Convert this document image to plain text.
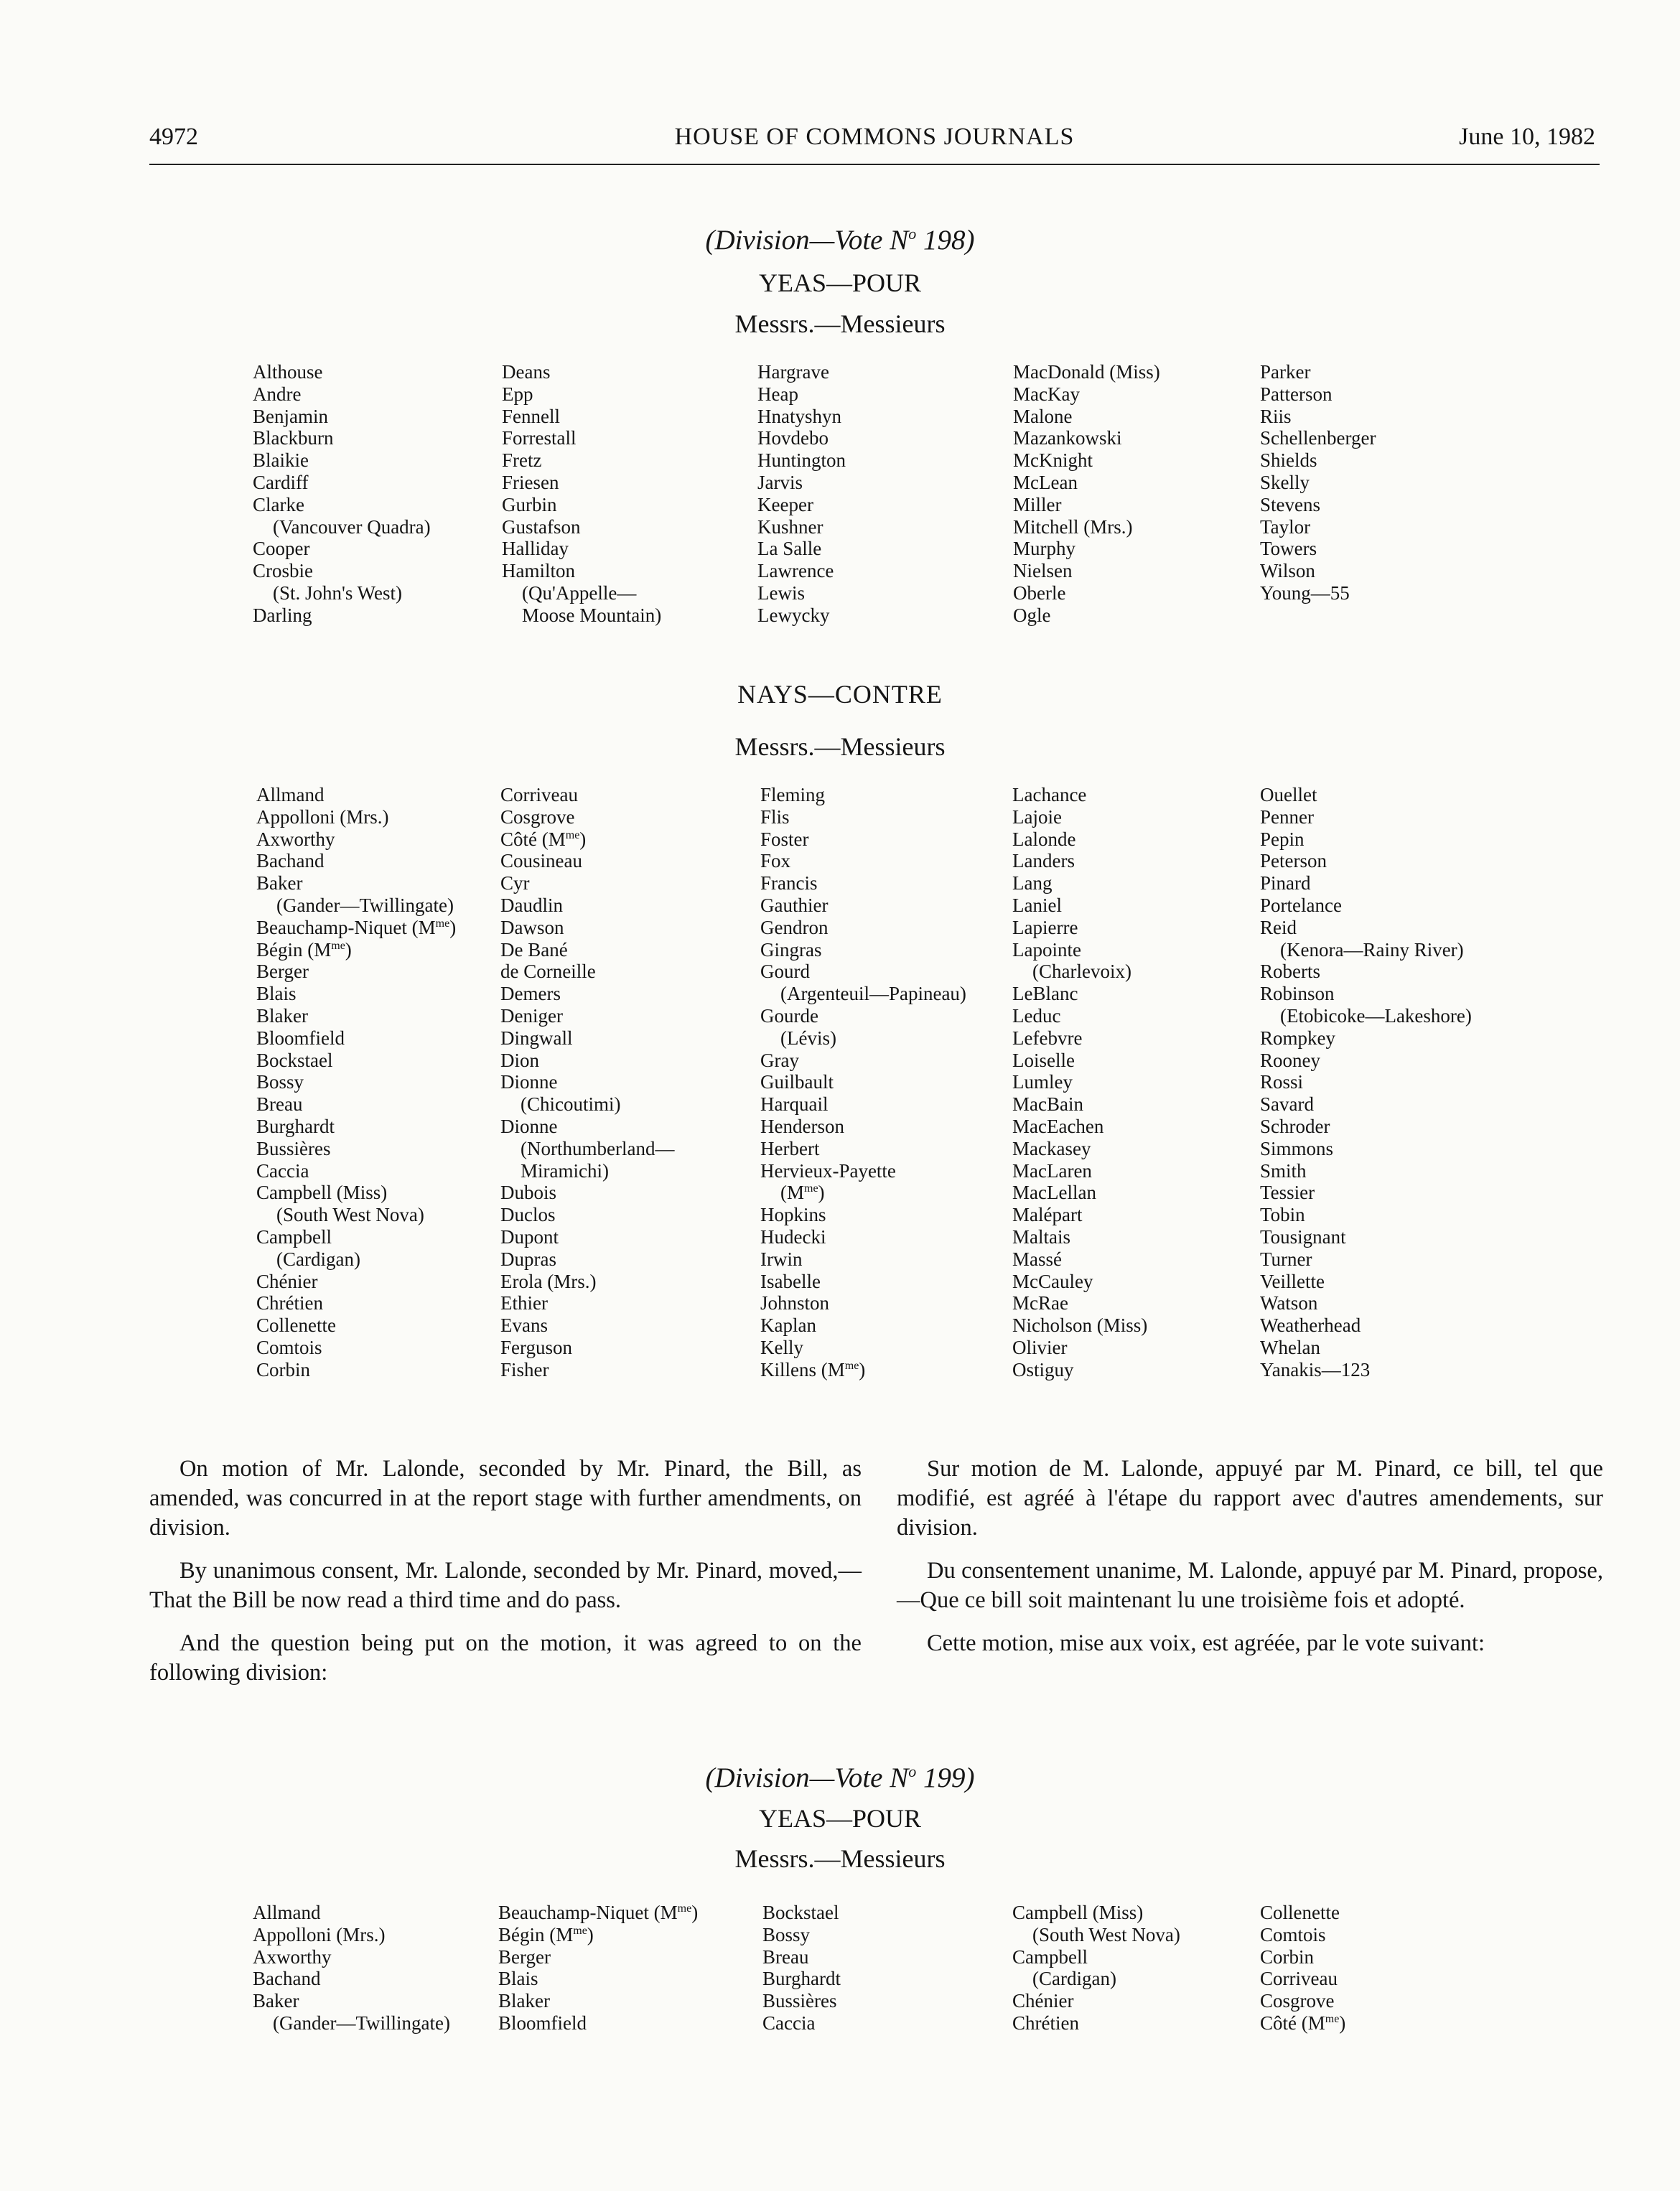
4972	HOUSE OF COMMONS JOURNALS	June 10, 1982
(Division—Vote $N^o$ 198)
YEAS—POUR
Messrs.—Messieurs
Althouse
Andre
Benjamin
Blackburn
Blaikie
Cardiff
Clarke
(Vancouver Quadra)
Cooper
Crosbie
(St. John's West)
Darling
Deans
Epp
Fennell
Forrestall
Fretz
Friesen
Gurbin
Gustafson
Halliday
Hamilton
(Qu'Appelle—
Moose Mountain)
Hargrave
Heap
Hnatyshyn
Hovdebo
Huntington
Jarvis
Keeper
Kushner
La Salle
Lawrence
Lewis
Lewycky
MacDonald (Miss)
MacKay
Malone
Mazankowski
McKnight
McLean
Miller
Mitchell (Mrs.)
Murphy
Nielsen
Oberle
Ogle
Parker
Patterson
Riis
Schellenberger
Shields
Skelly
Stevens
Taylor
Towers
Wilson
Young—55
NAYS—CONTRE
Messrs.—Messieurs
Allmand
Appolloni (Mrs.)
Axworthy
Bachand
Baker
(Gander—Twillingate)
Beauchamp-Niquet $(M^{me})$
Bégin $(M^{me})$
Berger
Blais
Blaker
Bloomfield
Bockstael
Bossy
Breau
Burghardt
Bussières
Caccia
Campbell (Miss)
(South West Nova)
Campbell
(Cardigan)
Chénier
Chrétien
Collenette
Comtois
Corbin
Corriveau
Cosgrove
Côté $(M^{me})$
Cousineau
Cyr
Daudlin
Dawson
De Bané
de Corneille
Demers
Deniger
Dingwall
Dion
Dionne
(Chicoutimi)
Dionne
(Northumberland—
Miramichi)
Dubois
Duclos
Dupont
Dupras
Erola (Mrs.)
Ethier
Evans
Ferguson
Fisher
Fleming
Flis
Foster
Fox
Francis
Gauthier
Gendron
Gingras
Gourd
(Argenteuil—Papineau)
Gourde
(Lévis)
Gray
Guilbault
Harquail
Henderson
Herbert
Hervieux-Payette
$(M^{me})$
Hopkins
Hudecki
Irwin
Isabelle
Johnston
Kaplan
Kelly
Killens $(M^{me})$
Lachance
Lajoie
Lalonde
Landers
Lang
Laniel
Lapierre
Lapointe
(Charlevoix)
LeBlanc
Leduc
Lefebvre
Loiselle
Lumley
MacBain
MacEachen
Mackasey
MacLaren
MacLellan
Malépart
Maltais
Massé
McCauley
McRae
Nicholson (Miss)
Olivier
Ostiguy
Ouellet
Penner
Pepin
Peterson
Pinard
Portelance
Reid
(Kenora—Rainy River)
Roberts
Robinson
(Etobicoke—Lakeshore)
Rompkey
Rooney
Rossi
Savard
Schroder
Simmons
Smith
Tessier
Tobin
Tousignant
Turner
Veillette
Watson
Weatherhead
Whelan
Yanakis—123

On motion of Mr. Lalonde, seconded by Mr. Pinard, the Bill, as amended, was concurred in at the report stage with further amendments, on division.

By unanimous consent, Mr. Lalonde, seconded by Mr. Pinard, moved,—That the Bill be now read a third time and do pass.

And the question being put on the motion, it was agreed to on the following division:

Sur motion de M. Lalonde, appuyé par M. Pinard, ce bill, tel que modifié, est agréé à l'étape du rapport avec d'autres amendements, sur division.

Du consentement unanime, M. Lalonde, appuyé par M. Pinard, propose,—Que ce bill soit maintenant lu une troisième fois et adopté.

Cette motion, mise aux voix, est agréée, par le vote suivant:

(Division—Vote $N^o$ 199)
YEAS—POUR
Messrs.—Messieurs
Allmand
Appolloni (Mrs.)
Axworthy
Bachand
Baker
(Gander—Twillingate)
Beauchamp-Niquet $(M^{me})$
Bégin $(M^{me})$
Berger
Blais
Blaker
Bloomfield
Bockstael
Bossy
Breau
Burghardt
Bussières
Caccia
Campbell (Miss)
(South West Nova)
Campbell
(Cardigan)
Chénier
Chrétien
Collenette
Comtois
Corbin
Corriveau
Cosgrove
Côté $(M^{me})$
